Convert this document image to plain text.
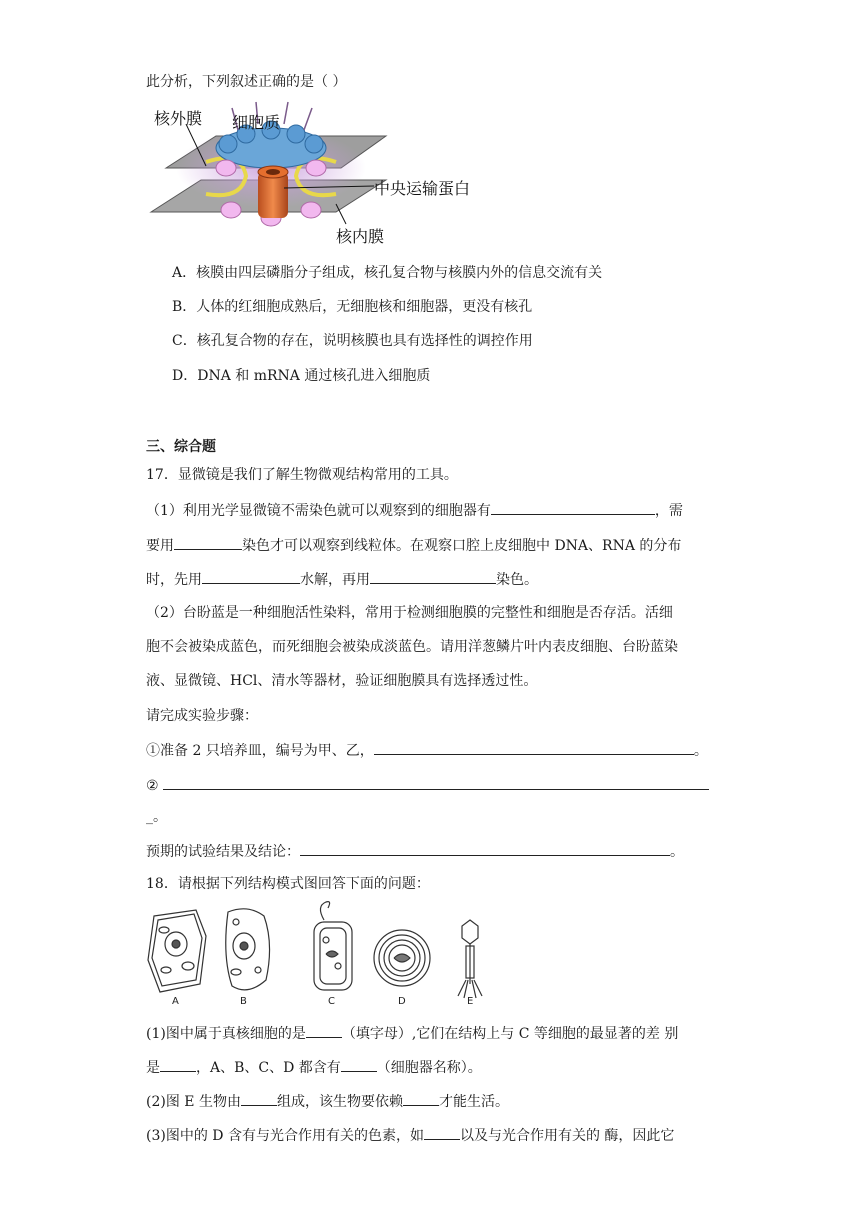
此分析，下列叙述正确的是（ ）
核外膜 细胞质
中央运输蛋白
核内膜
A．核膜由四层磷脂分子组成，核孔复合物与核膜内外的信息交流有关
B．人体的红细胞成熟后，无细胞核和细胞器，更没有核孔
C．核孔复合物的存在，说明核膜也具有选择性的调控作用
D．DNA 和 mRNA 通过核孔进入细胞质
三、综合题
17．显微镜是我们了解生物微观结构常用的工具。
（1）利用光学显微镜不需染色就可以观察到的细胞器有	，需
要用	染色才可以观察到线粒体。在观察口腔上皮细胞中 DNA、RNA 的分布
时，先用	水解，再用	染色。
（2）台盼蓝是一种细胞活性染料，常用于检测细胞膜的完整性和细胞是否存活。活细
胞不会被染成蓝色，而死细胞会被染成淡蓝色。请用洋葱鳞片叶内表皮细胞、台盼蓝染
液、显微镜、HCl、清水等器材，验证细胞膜具有选择透过性。
请完成实验步骤：
①准备 2 只培养皿，编号为甲、乙，	。
②
_。
预期的试验结果及结论：	。
18．请根据下列结构模式图回答下面的问题：
A	B	C	D	E
(1)图中属于真核细胞的是	（填字母）,它们在结构上与 C 等细胞的最显著的差 别
是	，A、B、C、D 都含有	（细胞器名称）。
(2)图 E 生物由	组成，该生物要依赖	才能生活。
(3)图中的 D 含有与光合作用有关的色素，如	以及与光合作用有关的 酶，因此它
